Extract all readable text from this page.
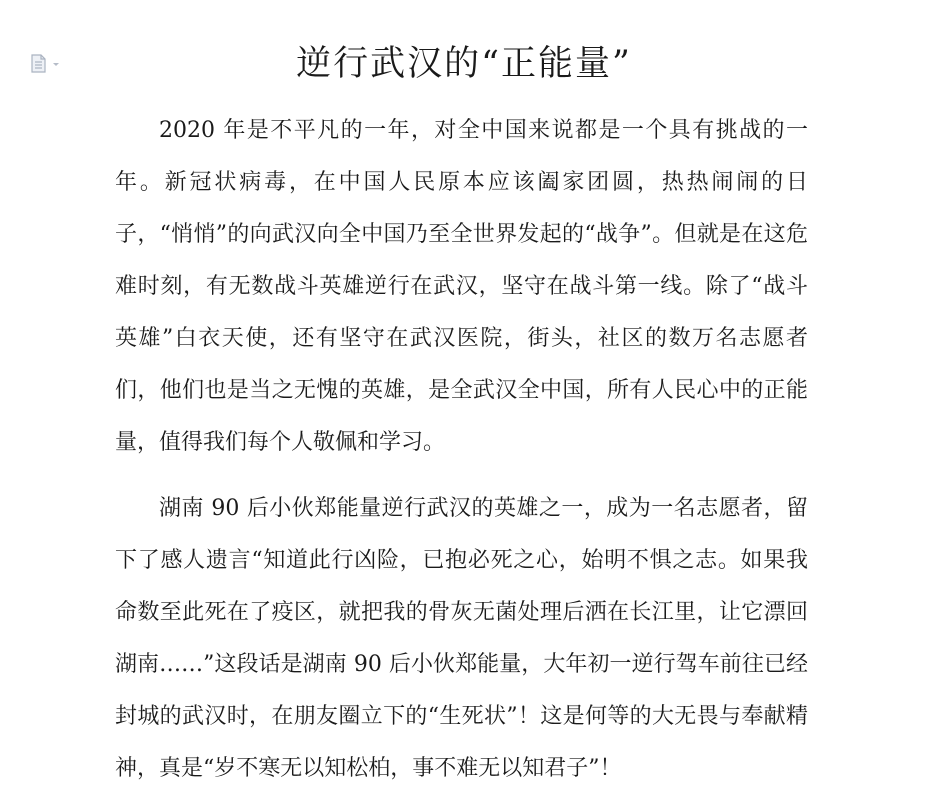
逆行武汉的“正能量”

2020 年是不平凡的一年，对全中国来说都是一个具有挑战的一年。新冠状病毒，在中国人民原本应该阖家团圆，热热闹闹的日子，“悄悄”的向武汉向全中国乃至全世界发起的“战争”。但就是在这危难时刻，有无数战斗英雄逆行在武汉，坚守在战斗第一线。除了“战斗英雄”白衣天使，还有坚守在武汉医院，街头，社区的数万名志愿者们，他们也是当之无愧的英雄，是全武汉全中国，所有人民心中的正能量，值得我们每个人敬佩和学习。

湖南 90 后小伙郑能量逆行武汉的英雄之一，成为一名志愿者，留下了感人遗言“知道此行凶险，已抱必死之心，始明不惧之志。如果我命数至此死在了疫区，就把我的骨灰无菌处理后洒在长江里，让它漂回湖南……”这段话是湖南 90 后小伙郑能量，大年初一逆行驾车前往已经封城的武汉时，在朋友圈立下的“生死状”！这是何等的大无畏与奉献精神，真是“岁不寒无以知松柏，事不难无以知君子”！
